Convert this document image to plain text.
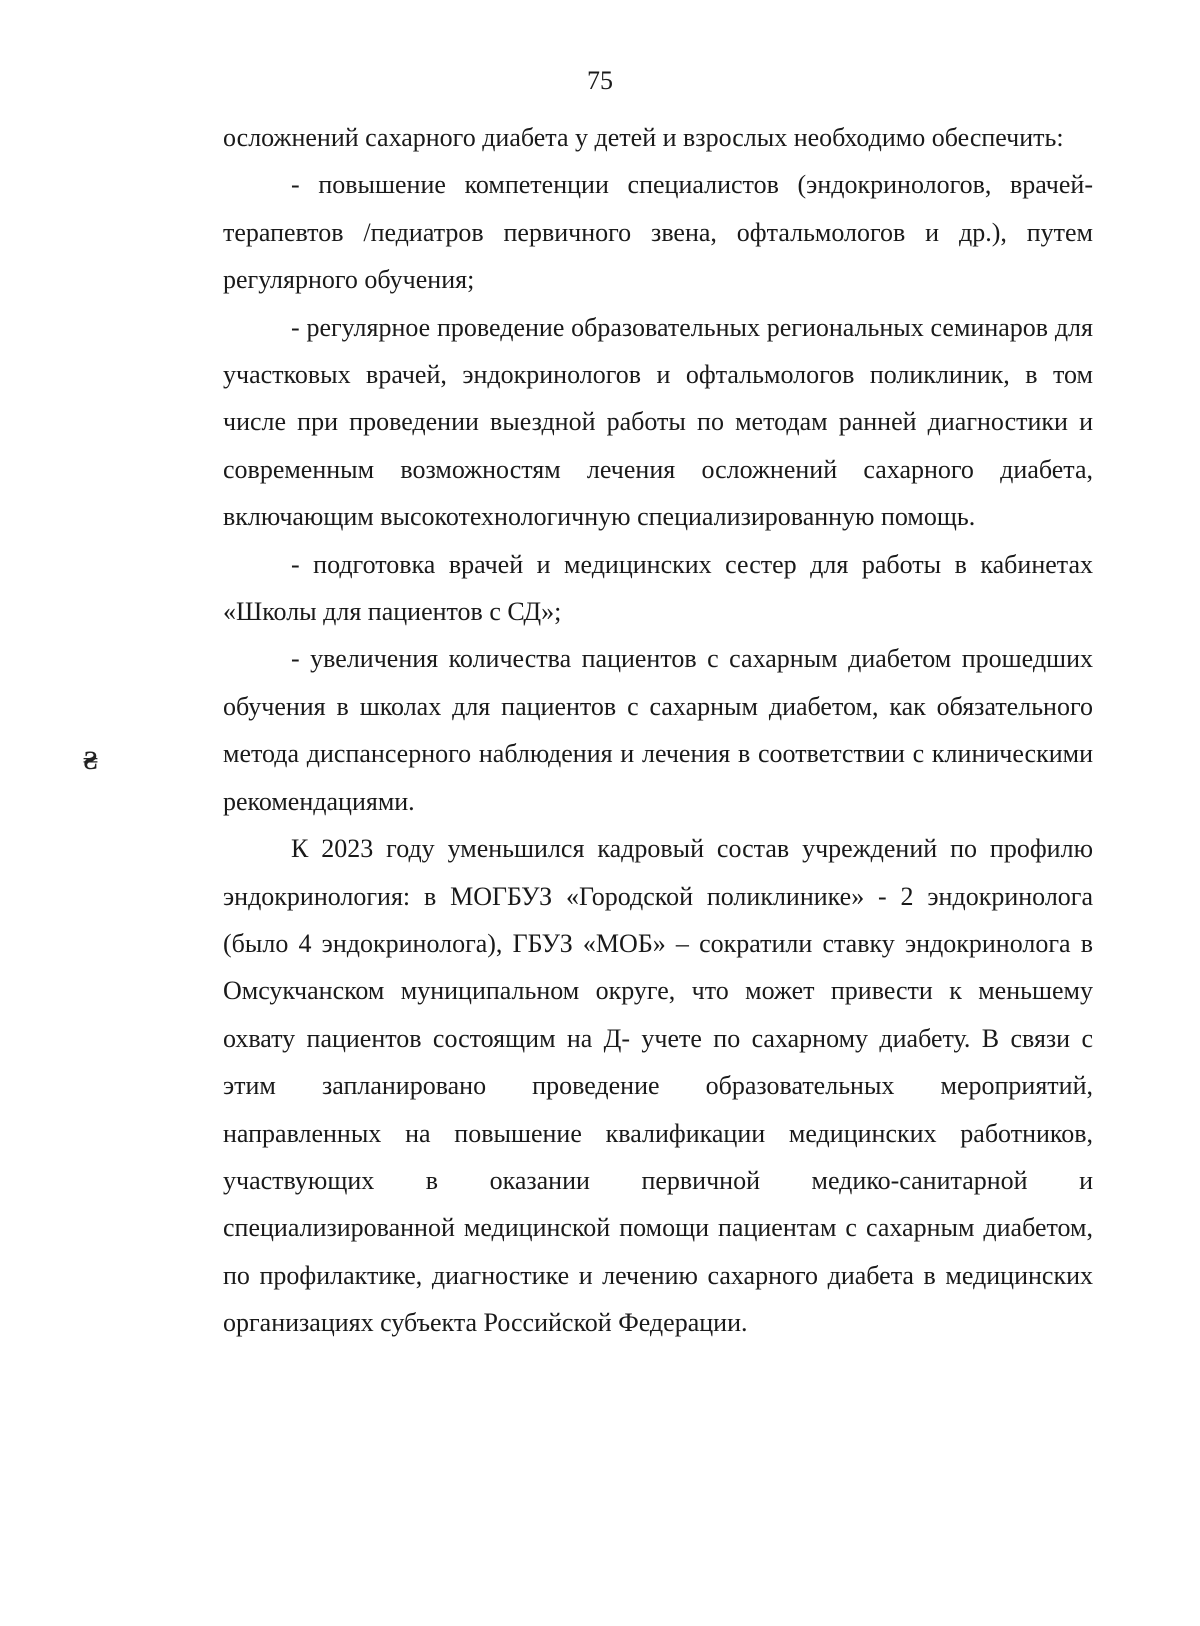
75
₴

осложнений сахарного диабета у детей и взрослых необходимо обеспечить:

- повышение компетенции специалистов (эндокринологов, врачей-терапевтов /педиатров первичного звена, офтальмологов и др.), путем регулярного обучения;

- регулярное проведение образовательных региональных семинаров для участковых врачей, эндокринологов и офтальмологов поликлиник, в том числе при проведении выездной работы по методам ранней диагностики и современным возможностям лечения осложнений сахарного диабета, включающим высокотехнологичную специализированную помощь.

- подготовка врачей и медицинских сестер для работы в кабинетах «Школы для пациентов с СД»;

- увеличения количества пациентов с сахарным диабетом прошедших обучения в школах для пациентов с сахарным диабетом, как обязательного метода диспансерного наблюдения и лечения в соответствии с клиническими рекомендациями.

К 2023 году уменьшился кадровый состав учреждений по профилю эндокринология: в МОГБУЗ «Городской поликлинике» - 2 эндокринолога (было 4 эндокринолога), ГБУЗ «МОБ» – сократили ставку эндокринолога в Омсукчанском муниципальном округе, что может привести к меньшему охвату пациентов состоящим на Д- учете по сахарному диабету. В связи с этим запланировано проведение образовательных мероприятий, направленных на повышение квалификации медицинских работников, участвующих в оказании первичной медико-санитарной и специализированной медицинской помощи пациентам с сахарным диабетом, по профилактике, диагностике и лечению сахарного диабета в медицинских организациях субъекта Российской Федерации.
